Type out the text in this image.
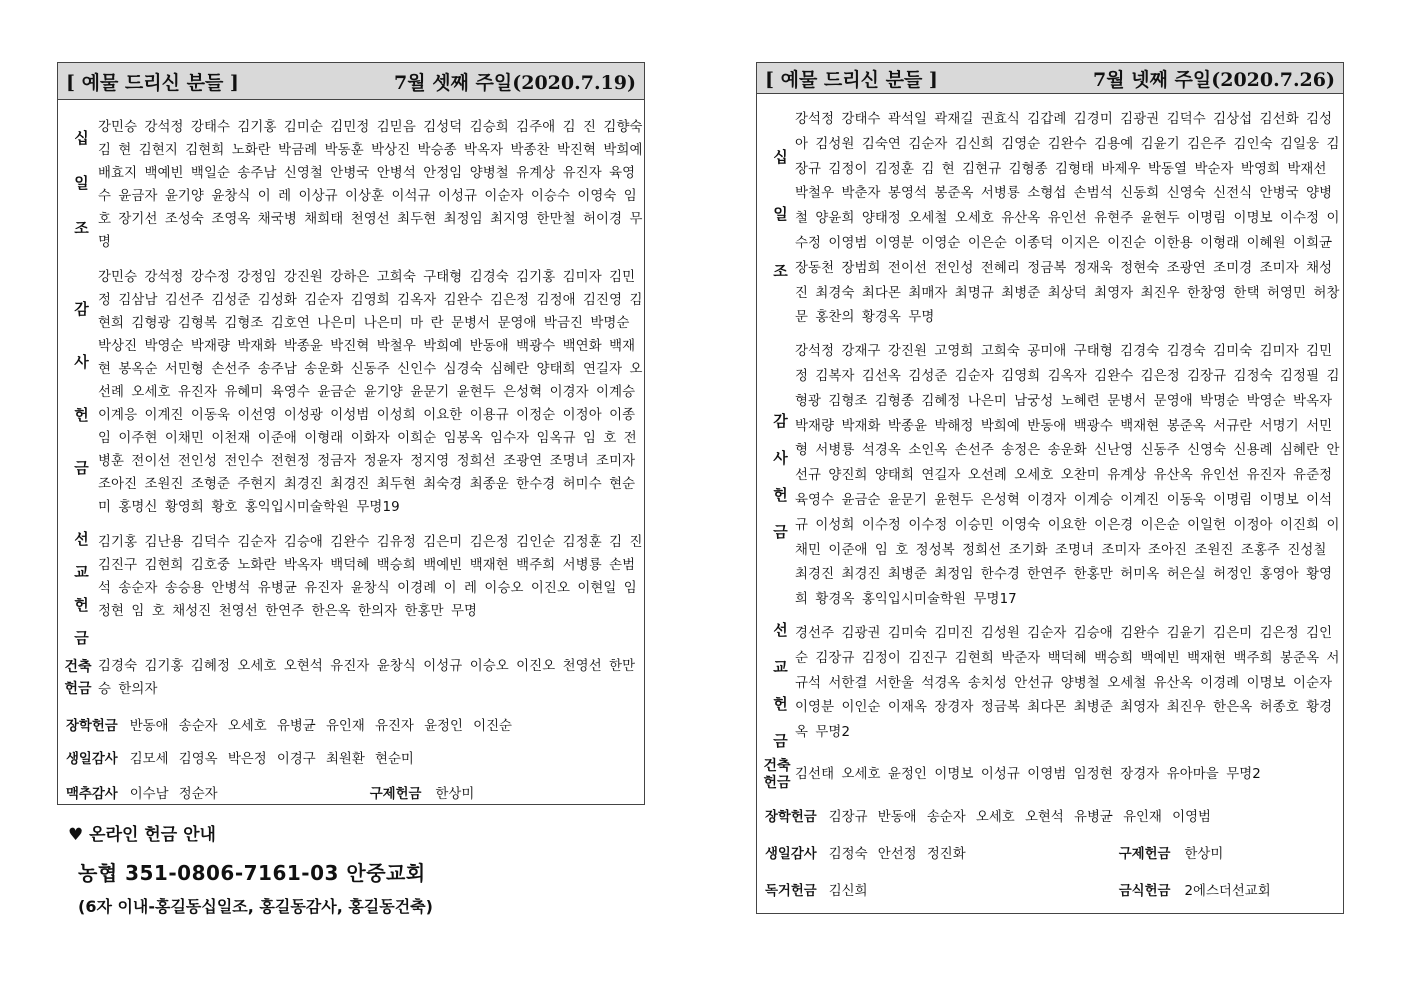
[ 예물 드리신 분들 ]	7월 셋째 주일(2020.7.19)
십 일 조
강민승 강석정 강태수 김기홍 김미순 김민정 김믿음 김성덕 김승희 김주애 김 진 김향숙 김 현 김현지 김현희 노화란 박금례 박동훈 박상진 박승종 박옥자 박종찬 박진혁 박희예 배효지 백예빈 백일순 송주남 신영철 안병국 안병석 안정임 양병철 유계상 유진자 육영수 윤금자 윤기양 윤창식 이 레 이상규 이상훈 이석규 이성규 이순자 이승수 이영숙 임 호 장기선 조성숙 조영옥 채국병 채희태 천영선 최두현 최정임 최지영 한만철 허이경 무명
감 사 헌 금
강민승 강석정 강수정 강정임 강진원 강하은 고희숙 구태형 김경숙 김기홍 김미자 김민정 김삼남 김선주 김성준 김성화 김순자 김영희 김옥자 김완수 김은정 김정애 김진영 김현희 김형광 김형복 김형조 김호연 나은미 나은미 마 란 문병서 문영애 박금진 박명순 박상진 박영순 박재량 박재화 박종윤 박진혁 박철우 박희예 반동애 백광수 백연화 백재현 봉옥순 서민형 손선주 송주남 송운화 신동주 신인수 심경숙 심혜란 양태희 연길자 오선례 오세호 유진자 유혜미 육영수 윤금순 윤기양 윤문기 윤현두 은성혁 이경자 이계승 이계응 이계진 이동욱 이선영 이성광 이성범 이성희 이요한 이용규 이정순 이정아 이종임 이주현 이채민 이천재 이준애 이형래 이화자 이희순 임봉옥 임수자 임옥규 임 호 전병훈 전이선 전인성 전인수 전현정 정금자 정윤자 정지영 정희선 조광연 조명녀 조미자 조아진 조원진 조형준 주현지 최경진 최경진 최두현 최숙경 최종운 한수경 허미수 현순미 홍명신 황영희 황호 홍익입시미술학원 무명19
선 교 헌 금 김기홍 김난용 김덕수 김순자 김승애 김완수 김유정 김은미 김은정 김인순 김정훈 김 진 김진구 김현희 김호중 노화란 박옥자 백덕혜 백승희 백예빈 백재현 백주희 서병룡 손범석 송순자 송승용 안병석 유병균 유진자 윤창식 이경례 이 레 이승오 이진오 이현일 임정현 임 호 채성진 천영선 한연주 한은옥 한의자 한홍만 무명
건축 헌금
김경숙 김기홍 김혜정 오세호 오현석 유진자 윤창식 이성규 이승오 이진오 천영선 한만승 한의자
장학헌금 반동애 송순자 오세호 유병균 유인재 유진자 윤정인 이진순
생일감사 김모세 김영옥 박은정 이경구 최원환 현순미
맥추감사 이수남 정순자	구제헌금 한상미
♥ 온라인 헌금 안내
농협 351-0806-7161-03 안중교회
(6자 이내-홍길동십일조, 홍길동감사, 홍길동건축)
[ 예물 드리신 분들 ]	7월 넷째 주일(2020.7.26)
십 일 조
강석정 강태수 곽석일 곽재길 권효식 김갑례 김경미 김광권 김덕수 김상섭 김선화 김성아 김성원 김숙연 김순자 김신희 김영순 김완수 김용예 김윤기 김은주 김인숙 김일웅 김장규 김정이 김정훈 김 현 김현규 김형종 김형태 바제우 박동열 박순자 박영희 박재선 박철우 박춘자 봉영석 봉준옥 서병룡 소형섭 손범석 신동희 신영숙 신전식 안병국 양병철 양윤희 양태정 오세철 오세호 유산옥 유인선 유현주 윤현두 이명림 이명보 이수정 이수정 이영범 이영분 이영순 이은순 이종덕 이지은 이진순 이한용 이형래 이혜원 이희균 장동천 장범희 전이선 전인성 전혜리 정금복 정재욱 정현숙 조광연 조미경 조미자 채성진 최경숙 최다몬 최매자 최명규 최병준 최상덕 최영자 최진우 한창영 한택 허영민 허창문 홍찬의 황경옥 무명
감 사 헌 금
강석정 강재구 강진원 고영희 고희숙 공미애 구태형 김경숙 김경숙 김미숙 김미자 김민정 김복자 김선옥 김성준 김순자 김영희 김옥자 김완수 김은정 김장규 김정숙 김정필 김형광 김형조 김형종 김혜정 나은미 남궁성 노혜련 문병서 문영애 박명순 박영순 박옥자 박재량 박재화 박종윤 박해정 박희예 반동애 백광수 백재현 봉준옥 서규란 서명기 서민형 서병룡 석경옥 소인옥 손선주 송정은 송운화 신난영 신동주 신영숙 신용례 심혜란 안선규 양진희 양태희 연길자 오선례 오세호 오찬미 유계상 유산옥 유인선 유진자 유준정 육영수 윤금순 윤문기 윤현두 은성혁 이경자 이계승 이계진 이동욱 이명림 이명보 이석규 이성희 이수정 이수정 이승민 이영숙 이요한 이은경 이은순 이일헌 이정아 이진희 이채민 이준애 임 호 정성복 정희선 조기화 조명녀 조미자 조아진 조원진 조홍주 진성칠 최경진 최경진 최병준 최정임 한수경 한연주 한홍만 허미옥 허은실 허정인 홍영아 황영희 황경옥 홍익입시미술학원 무명17
선 교 헌 금 경선주 김광권 김미숙 김미진 김성원 김순자 김승애 김완수 김윤기 김은미 김은정 김인순 김장규 김정이 김진구 김현희 박준자 백덕혜 백승희 백예빈 백재현 백주희 봉준옥 서규석 서한결 서한울 석경옥 송치성 안선규 양병철 오세철 유산옥 이경례 이명보 이순자 이영분 이인순 이재옥 장경자 정금복 최다몬 최병준 최영자 최진우 한은옥 허종호 황경옥 무명2
건축 헌금 김선태 오세호 윤정인 이명보 이성규 이영범 임정현 장경자 유아마을 무명2
장학헌금 김장규 반동애 송순자 오세호 오현석 유병균 유인재 이영범
생일감사 김정숙 안선정 정진화	구제헌금 한상미
독거헌금 김신희	금식헌금 2에스더선교회
